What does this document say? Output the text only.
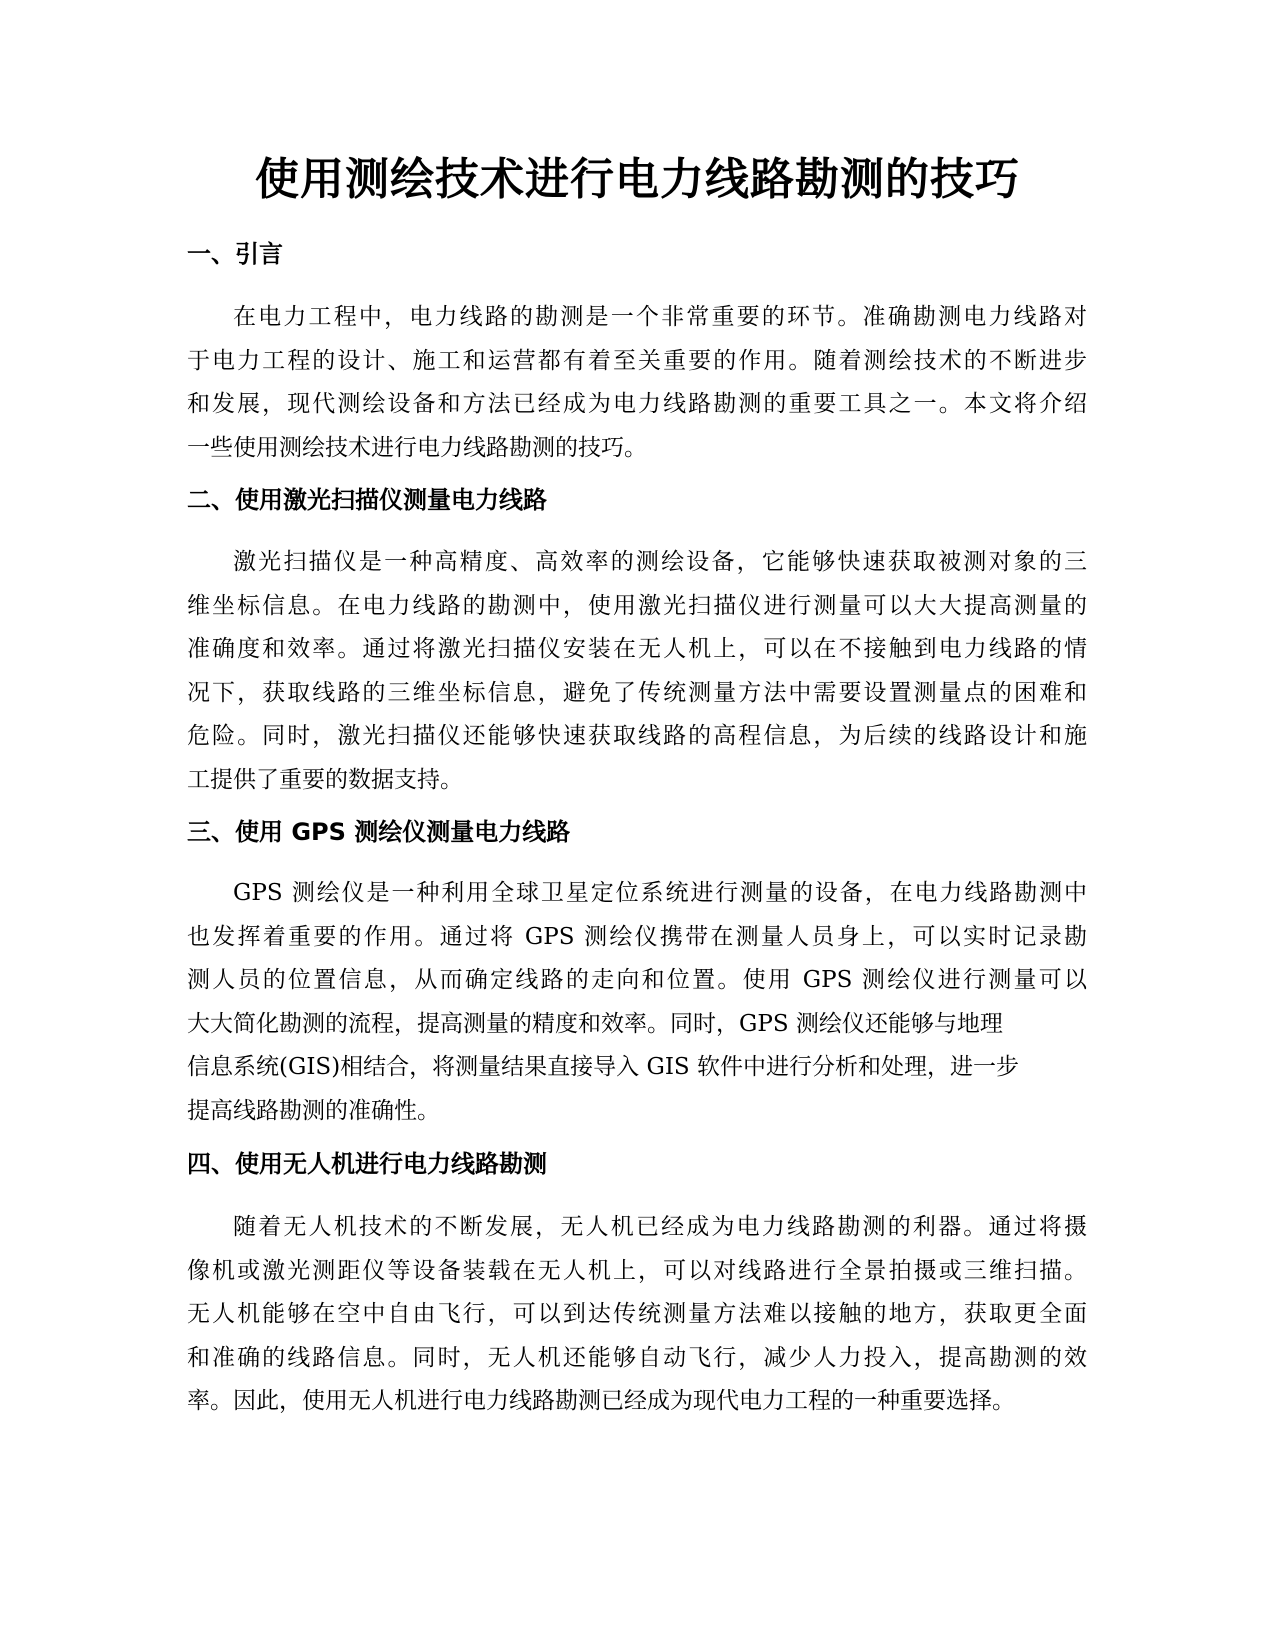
使用测绘技术进行电力线路勘测的技巧
一、引言
在电力工程中，电力线路的勘测是一个非常重要的环节。准确勘测电力线路对
于电力工程的设计、施工和运营都有着至关重要的作用。随着测绘技术的不断进步
和发展，现代测绘设备和方法已经成为电力线路勘测的重要工具之一。本文将介绍
一些使用测绘技术进行电力线路勘测的技巧。
二、使用激光扫描仪测量电力线路
激光扫描仪是一种高精度、高效率的测绘设备，它能够快速获取被测对象的三
维坐标信息。在电力线路的勘测中，使用激光扫描仪进行测量可以大大提高测量的
准确度和效率。通过将激光扫描仪安装在无人机上，可以在不接触到电力线路的情
况下，获取线路的三维坐标信息，避免了传统测量方法中需要设置测量点的困难和
危险。同时，激光扫描仪还能够快速获取线路的高程信息，为后续的线路设计和施
工提供了重要的数据支持。
三、使用 GPS 测绘仪测量电力线路
GPS 测绘仪是一种利用全球卫星定位系统进行测量的设备，在电力线路勘测中
也发挥着重要的作用。通过将 GPS 测绘仪携带在测量人员身上，可以实时记录勘
测人员的位置信息，从而确定线路的走向和位置。使用 GPS 测绘仪进行测量可以
大大简化勘测的流程，提高测量的精度和效率。同时，GPS 测绘仪还能够与地理
信息系统(GIS)相结合，将测量结果直接导入 GIS 软件中进行分析和处理，进一步
提高线路勘测的准确性。
四、使用无人机进行电力线路勘测
随着无人机技术的不断发展，无人机已经成为电力线路勘测的利器。通过将摄
像机或激光测距仪等设备装载在无人机上，可以对线路进行全景拍摄或三维扫描。
无人机能够在空中自由飞行，可以到达传统测量方法难以接触的地方，获取更全面
和准确的线路信息。同时，无人机还能够自动飞行，减少人力投入，提高勘测的效
率。因此，使用无人机进行电力线路勘测已经成为现代电力工程的一种重要选择。
